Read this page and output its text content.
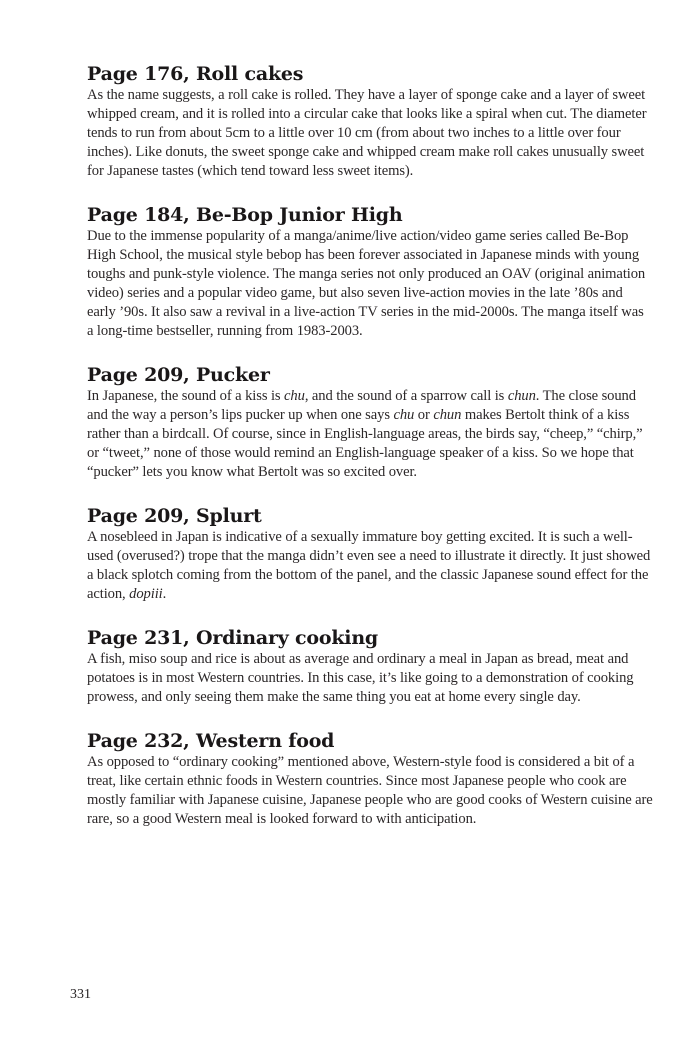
Page 176, Roll cakes

As the name suggests, a roll cake is rolled. They have a layer of sponge cake and a layer of sweet whipped cream, and it is rolled into a circular cake that looks like a spiral when cut. The diameter tends to run from about 5cm to a little over 10 cm (from about two inches to a little over four inches). Like donuts, the sweet sponge cake and whipped cream make roll cakes unusually sweet for Japanese tastes (which tend toward less sweet items).

Page 184, Be-Bop Junior High

Due to the immense popularity of a manga/anime/live action/video game series called Be-Bop High School, the musical style bebop has been forever associated in Japanese minds with young toughs and punk-style violence. The manga series not only produced an OAV (original animation video) series and a popular video game, but also seven live-action movies in the late ’80s and early ’90s. It also saw a revival in a live-action TV series in the mid-2000s. The manga itself was a long-time bestseller, running from 1983-2003.

Page 209, Pucker

In Japanese, the sound of a kiss is chu, and the sound of a sparrow call is chun. The close sound and the way a person’s lips pucker up when one says chu or chun makes Bertolt think of a kiss rather than a birdcall. Of course, since in English-language areas, the birds say, “cheep,” “chirp,” or “tweet,” none of those would remind an English-language speaker of a kiss. So we hope that “pucker” lets you know what Bertolt was so excited over.

Page 209, Splurt

A nosebleed in Japan is indicative of a sexually immature boy getting excited. It is such a well-used (overused?) trope that the manga didn’t even see a need to illustrate it directly. It just showed a black splotch coming from the bottom of the panel, and the classic Japanese sound effect for the action, dopiii.

Page 231, Ordinary cooking

A fish, miso soup and rice is about as average and ordinary a meal in Japan as bread, meat and potatoes is in most Western countries. In this case, it’s like going to a demonstration of cooking prowess, and only seeing them make the same thing you eat at home every single day.

Page 232, Western food

As opposed to “ordinary cooking” mentioned above, Western-style food is considered a bit of a treat, like certain ethnic foods in Western countries. Since most Japanese people who cook are mostly familiar with Japanese cuisine, Japanese people who are good cooks of Western cuisine are rare, so a good Western meal is looked forward to with anticipation.

331
